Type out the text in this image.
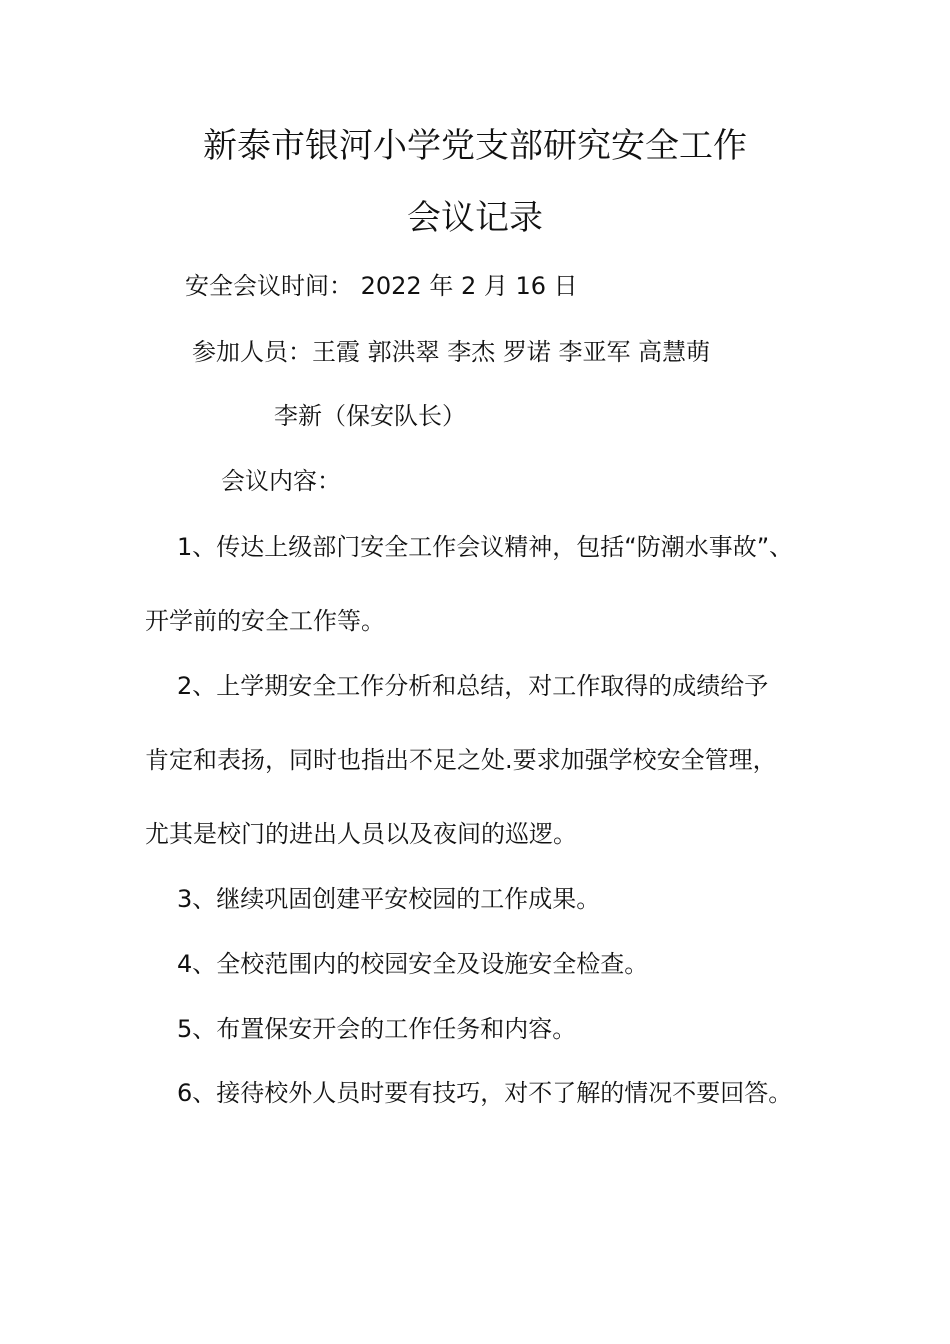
新泰市银河小学党支部研究安全工作
会议记录
安全会议时间： 2022 年 2 月 16 日
参加人员：王霞 郭洪翠 李杰 罗诺 李亚军 高慧萌
李新（保安队长）
会议内容：
1、传达上级部门安全工作会议精神，包括“防潮水事故”、
开学前的安全工作等。
2、上学期安全工作分析和总结，对工作取得的成绩给予
肯定和表扬，同时也指出不足之处.要求加强学校安全管理，
尤其是校门的进出人员以及夜间的巡逻。
3、继续巩固创建平安校园的工作成果。
4、全校范围内的校园安全及设施安全检查。
5、布置保安开会的工作任务和内容。
6、接待校外人员时要有技巧，对不了解的情况不要回答。
